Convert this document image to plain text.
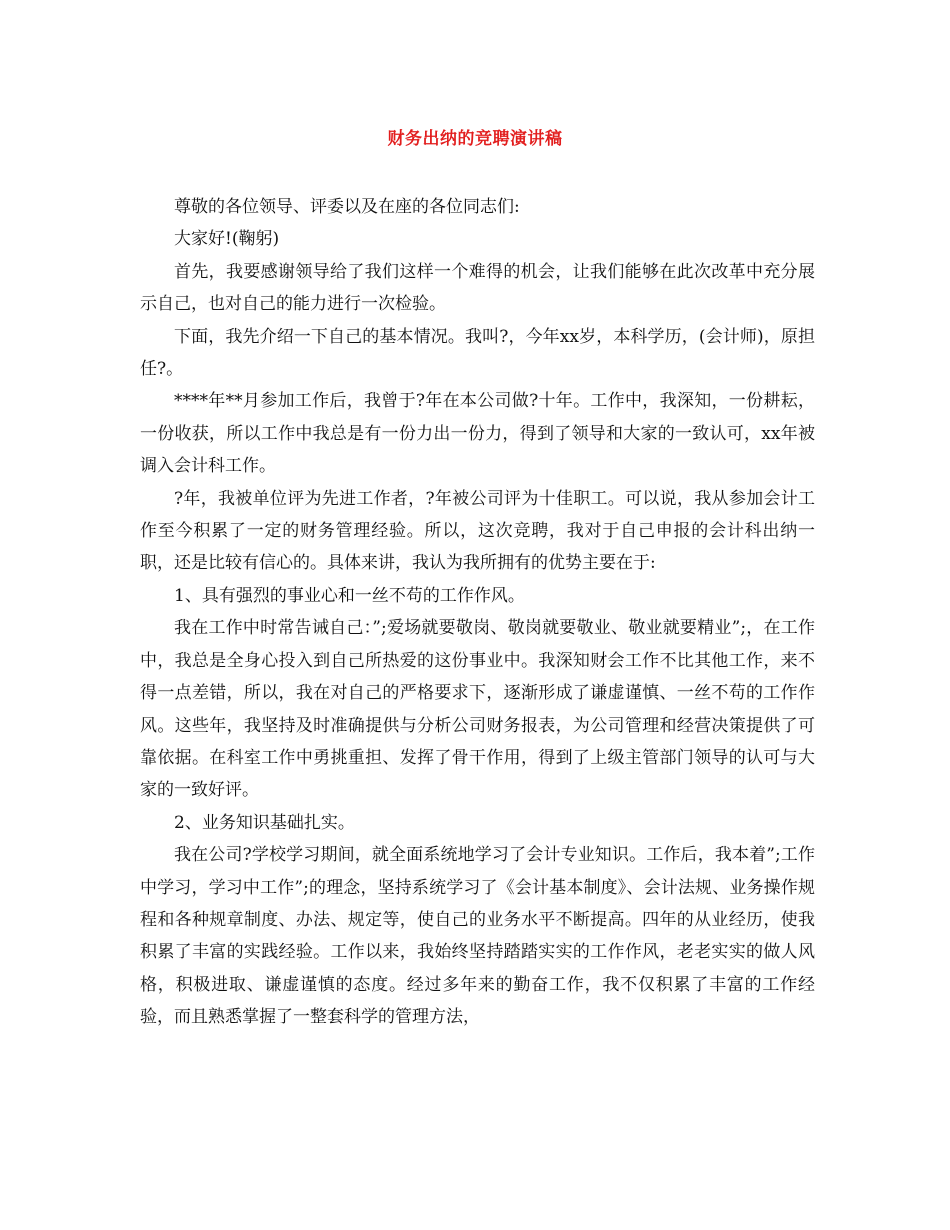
财务出纳的竞聘演讲稿

尊敬的各位领导、评委以及在座的各位同志们:

大家好!(鞠躬)

首先，我要感谢领导给了我们这样一个难得的机会，让我们能够在此次改革中充分展示自己，也对自己的能力进行一次检验。

下面，我先介绍一下自己的基本情况。我叫?，今年xx岁，本科学历，(会计师)，原担任?。

****年**月参加工作后，我曾于?年在本公司做?十年。工作中，我深知，一份耕耘，一份收获，所以工作中我总是有一份力出一份力，得到了领导和大家的一致认可，xx年被调入会计科工作。

?年，我被单位评为先进工作者，?年被公司评为十佳职工。可以说，我从参加会计工作至今积累了一定的财务管理经验。所以，这次竞聘，我对于自己申报的会计科出纳一职，还是比较有信心的。具体来讲，我认为我所拥有的优势主要在于:

1、具有强烈的事业心和一丝不苟的工作作风。

我在工作中时常告诫自己：”;爱场就要敬岗、敬岗就要敬业、敬业就要精业”;，在工作中，我总是全身心投入到自己所热爱的这份事业中。我深知财会工作不比其他工作，来不得一点差错，所以，我在对自己的严格要求下，逐渐形成了谦虚谨慎、一丝不苟的工作作风。这些年，我坚持及时准确提供与分析公司财务报表，为公司管理和经营决策提供了可靠依据。在科室工作中勇挑重担、发挥了骨干作用，得到了上级主管部门领导的认可与大家的一致好评。

2、业务知识基础扎实。

我在公司?学校学习期间，就全面系统地学习了会计专业知识。工作后，我本着”;工作中学习，学习中工作”;的理念，坚持系统学习了《会计基本制度》、会计法规、业务操作规程和各种规章制度、办法、规定等，使自己的业务水平不断提高。四年的从业经历，使我积累了丰富的实践经验。工作以来，我始终坚持踏踏实实的工作作风，老老实实的做人风格，积极进取、谦虚谨慎的态度。经过多年来的勤奋工作，我不仅积累了丰富的工作经验，而且熟悉掌握了一整套科学的管理方法，
